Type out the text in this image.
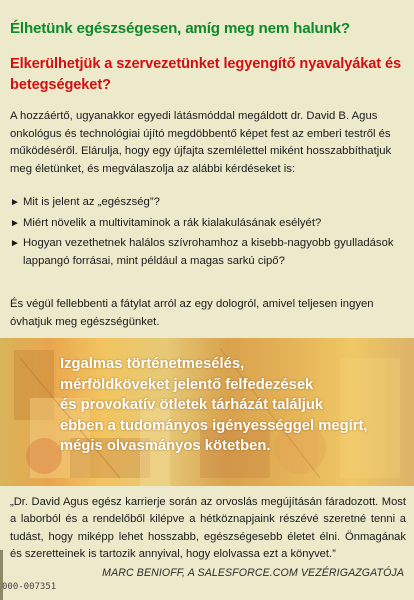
Élhetünk egészségesen, amíg meg nem halunk?
Elkerülhetjük a szervezetünket legyengítő nyavalyákat és betegségeket?
A hozzáértő, ugyanakkor egyedi látásmóddal megáldott dr. David B. Agus onkológus és technológiai újító megdöbbentő képet fest az emberi testről és működéséről. Elárulja, hogy egy újfajta szemlélettel miként hosszabbíthatjuk meg életünket, és megválaszolja az alábbi kérdéseket is:
► Mit is jelent az „egészség”?
► Miért növelik a multivitaminok a rák kialakulásának esélyét?
► Hogyan vezethetnek halálos szívrohamhoz a kisebb-nagyobb gyulladások lappangó forrásai, mint például a magas sarkú cipő?
És végül fellebbenti a fátylat arról az egy dologról, amivel teljesen ingyen óvhatjuk meg egészségünket.
Izgalmas történetmesélés,
mérföldköveket jelentő felfedezések
és provokatív ötletek tárházát találjuk
ebben a tudományos igényességgel megírt,
mégis olvasmányos kötetben.
„Dr. David Agus egész karrierje során az orvoslás megújításán fáradozott. Most a laborból és a rendelőből kilépve a hétköznapjaink részévé szeretné tenni a tudást, hogy miképp lehet hosszabb, egészségesebb életet élni. Önmagának és szeretteinek is tartozik annyival, hogy elolvassa ezt a könyvet.”
MARC BENIOFF, A SALESFORCE.COM VEZÉRIGAZGATÓJA
000-007351
